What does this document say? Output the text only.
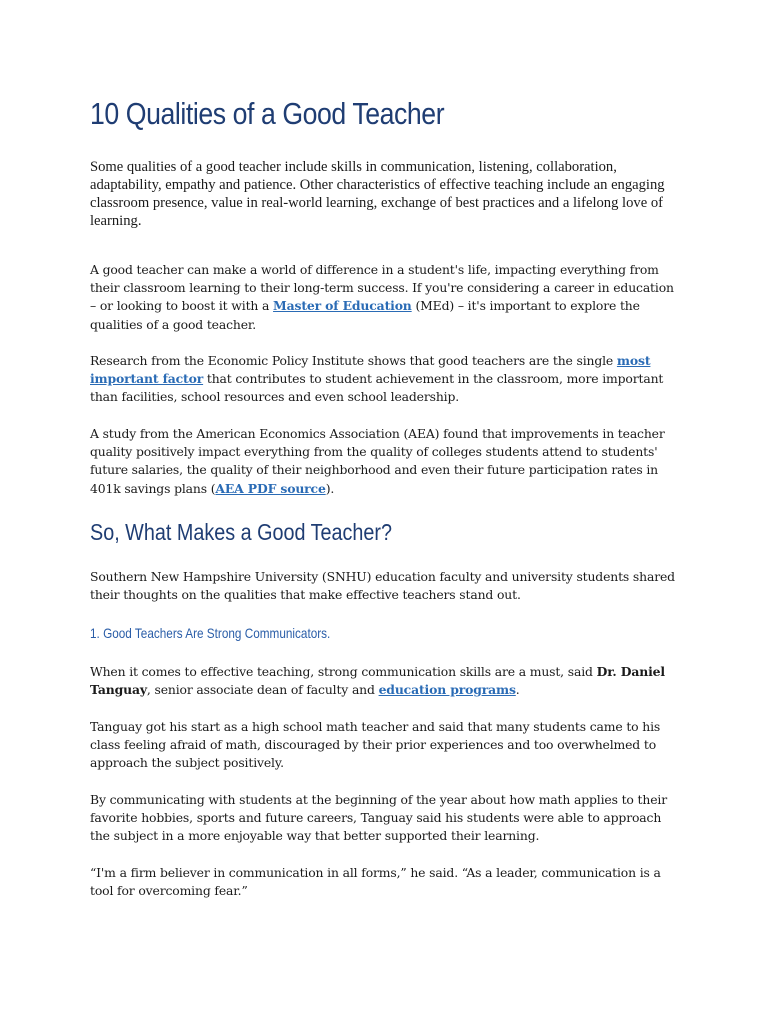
10 Qualities of a Good Teacher

Some qualities of a good teacher include skills in communication, listening, collaboration, adaptability, empathy and patience. Other characteristics of effective teaching include an engaging classroom presence, value in real-world learning, exchange of best practices and a lifelong love of learning.

A good teacher can make a world of difference in a student's life, impacting everything from their classroom learning to their long-term success. If you're considering a career in education – or looking to boost it with a Master of Education (MEd) – it's important to explore the qualities of a good teacher.

Research from the Economic Policy Institute shows that good teachers are the single most important factor that contributes to student achievement in the classroom, more important than facilities, school resources and even school leadership.

A study from the American Economics Association (AEA) found that improvements in teacher quality positively impact everything from the quality of colleges students attend to students' future salaries, the quality of their neighborhood and even their future participation rates in 401k savings plans (AEA PDF source).

So, What Makes a Good Teacher?

Southern New Hampshire University (SNHU) education faculty and university students shared their thoughts on the qualities that make effective teachers stand out.

1. Good Teachers Are Strong Communicators.

When it comes to effective teaching, strong communication skills are a must, said Dr. Daniel Tanguay, senior associate dean of faculty and education programs.

Tanguay got his start as a high school math teacher and said that many students came to his class feeling afraid of math, discouraged by their prior experiences and too overwhelmed to approach the subject positively.

By communicating with students at the beginning of the year about how math applies to their favorite hobbies, sports and future careers, Tanguay said his students were able to approach the subject in a more enjoyable way that better supported their learning.

“I'm a firm believer in communication in all forms,” he said. “As a leader, communication is a tool for overcoming fear.”
